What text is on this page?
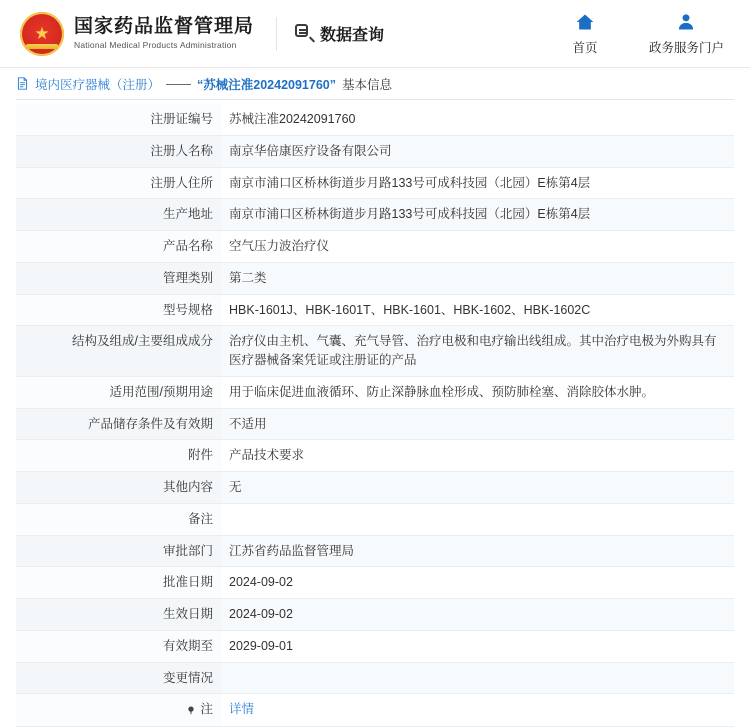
★
国家药品监督管理局
National Medical Products Administration
数据查询
首页	政务服务门户
境内医疗器械（注册） —— “苏械注准20242091760” 基本信息
注册证编号	苏械注准20242091760
注册人名称	南京华倍康医疗设备有限公司
注册人住所	南京市浦口区桥林街道步月路133号可成科技园（北园）E栋第4层
生产地址	南京市浦口区桥林街道步月路133号可成科技园（北园）E栋第4层
产品名称	空气压力波治疗仪
管理类别	第二类
型号规格	HBK-1601J、HBK-1601T、HBK-1601、HBK-1602、HBK-1602C
结构及组成/主要组成成分	治疗仪由主机、气囊、充气导管、治疗电极和电疗输出线组成。其中治疗电极为外购具有医疗器械备案凭证或注册证的产品
适用范围/预期用途	用于临床促进血液循环、防止深静脉血栓形成、预防肺栓塞、消除胶体水肿。
产品储存条件及有效期	不适用
附件	产品技术要求
其他内容	无
备注	
审批部门	江苏省药品监督管理局
批准日期	2024-09-02
生效日期	2024-09-02
有效期至	2029-09-01
变更情况	

注	详情
